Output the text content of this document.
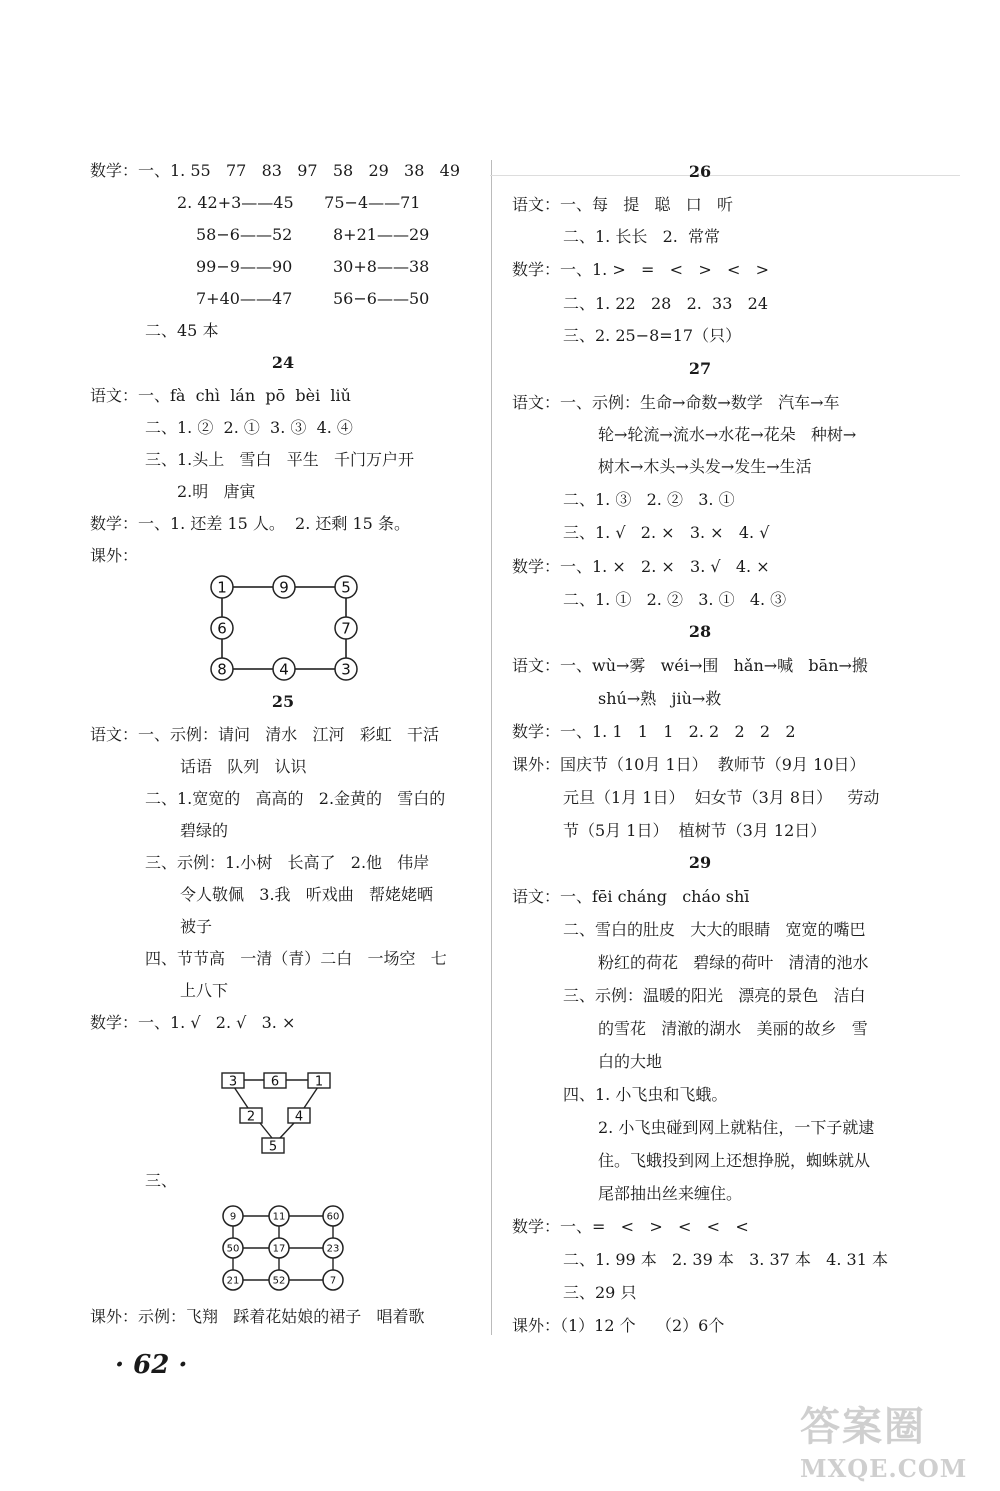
数学：一、1. 55   77   83   97   58   29   38   49
2. 42+3——45      75−4——71
58−6——52        8+21——29
99−9——90        30+8——38
7+40——47        56−6——50
二、45 本
24
语文：一、fà  chì  lán  pō  bèi  liǔ
二、1. ②  2. ①  3. ③  4. ④
三、1.头上   雪白   平生   千门万户开
2.明   唐寅
数学：一、1. 还差 15 人。  2. 还剩 15 条。
课外：
1	9	5
6	7
8	4	3
25
语文：一、示例：请问   清水   江河   彩虹   干活
话语   队列   认识
二、1.宽宽的   高高的   2.金黄的   雪白的
碧绿的
三、示例：1.小树   长高了   2.他   伟岸
令人敬佩   3.我   听戏曲   帮姥姥晒
被子
四、节节高   一清（青）二白   一场空   七
上八下
数学：一、1. √   2. √   3. ×
3	6	1
2	4
5
三、
9	11	60
50	17	23
21	52	7
课外：示例：飞翔   踩着花姑娘的裙子   唱着歌
26
语文：一、每   提   聪   口   听
二、1. 长长   2.  常常
数学：一、1. >   =   <   >   <   >
二、1. 22   28   2.  33   24
三、2. 25−8=17（只）
27
语文：一、示例：生命→命数→数学   汽车→车
轮→轮流→流水→水花→花朵   种树→
树木→木头→头发→发生→生活
二、1. ③   2. ②   3. ①
三、1. √   2. ×   3. ×   4. √
数学：一、1. ×   2. ×   3. √   4. ×
二、1. ①   2. ②   3. ①   4. ③
28
语文：一、wù→雾   wéi→围   hǎn→喊   bān→搬
shú→熟   jiù→救
数学：一、1. 1   1   1   2. 2   2   2   2
课外：国庆节（10月 1日）  教师节（9月 10日）
元旦（1月 1日）  妇女节（3月 8日）   劳动
节（5月 1日）  植树节（3月 12日）
29
语文：一、fēi cháng   cháo shī
二、雪白的肚皮   大大的眼睛   宽宽的嘴巴
粉红的荷花   碧绿的荷叶   清清的池水
三、示例：温暖的阳光   漂亮的景色   洁白
的雪花   清澈的湖水   美丽的故乡   雪
白的大地
四、1. 小飞虫和飞蛾。
2. 小飞虫碰到网上就粘住，一下子就逮
住。飞蛾投到网上还想挣脱，蜘蛛就从
尾部抽出丝来缠住。
数学：一、=   <   >   <   <   <
二、1. 99 本   2. 39 本   3. 37 本   4. 31 本
三、29 只
课外：（1）12 个    （2）6个
· 62 ·
答案圈
MXQE.COM
